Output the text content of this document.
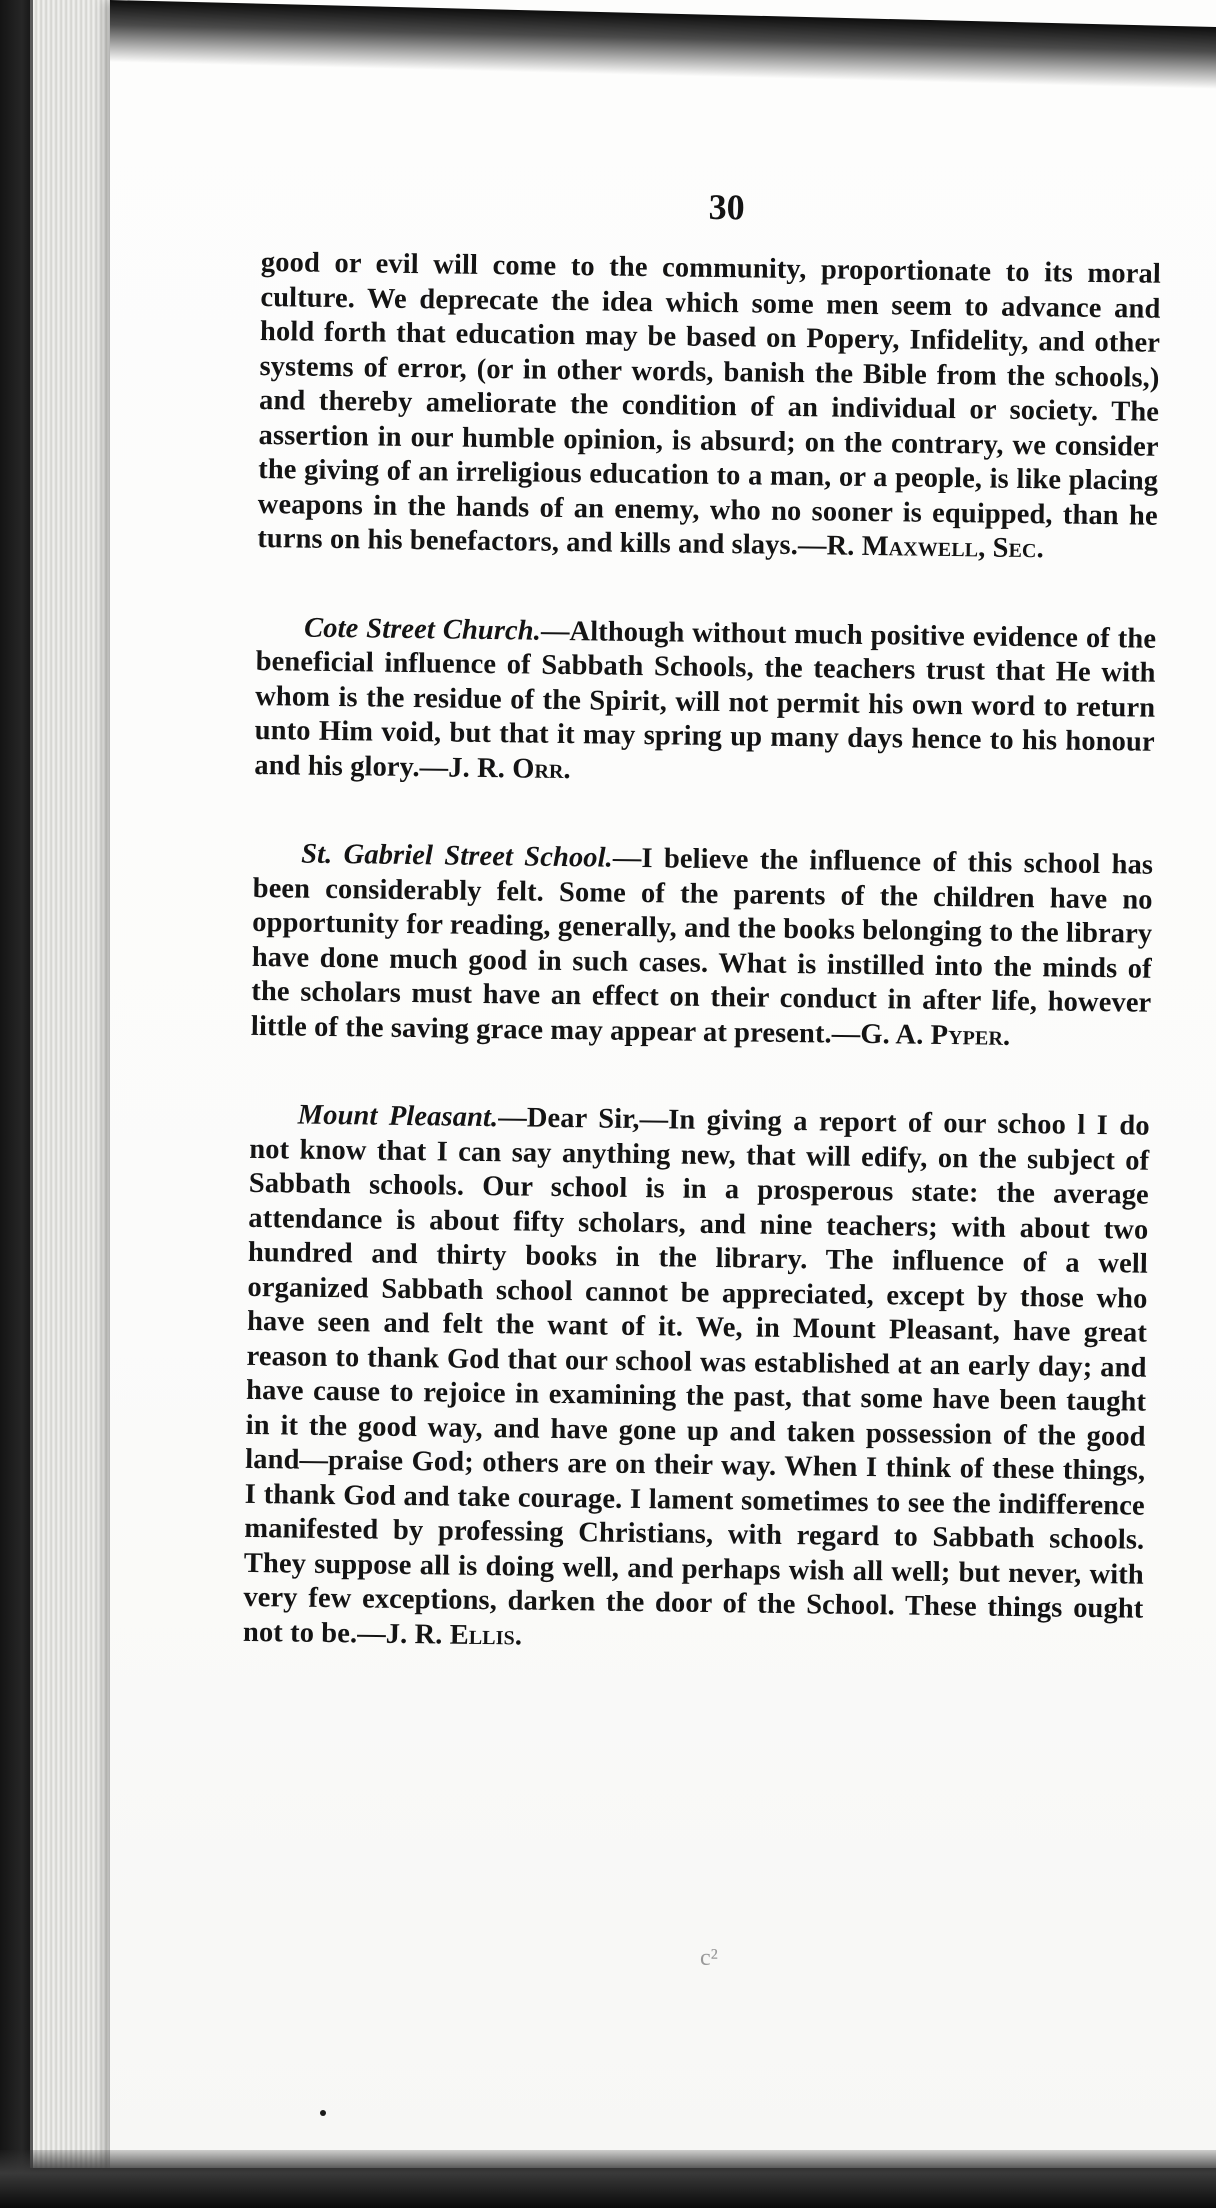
30

good or evil will come to the community, proportionate to its moral culture. We deprecate the idea which some men seem to advance and hold forth that education may be based on Popery, Infidelity, and other systems of error, (or in other words, banish the Bible from the schools,) and thereby ameliorate the condition of an individual or society. The assertion in our humble opinion, is absurd; on the contrary, we consider the giving of an irreligious education to a man, or a people, is like placing weapons in the hands of an enemy, who no sooner is equipped, than he turns on his benefactors, and kills and slays.—R. Maxwell, Sec.

Cote Street Church.—Although without much positive evidence of the beneficial influence of Sabbath Schools, the teachers trust that He with whom is the residue of the Spirit, will not permit his own word to return unto Him void, but that it may spring up many days hence to his honour and his glory.—J. R. Orr.

St. Gabriel Street School.—I believe the influence of this school has been considerably felt. Some of the parents of the children have no opportunity for reading, generally, and the books belonging to the library have done much good in such cases. What is instilled into the minds of the scholars must have an effect on their conduct in after life, however little of the saving grace may appear at present.—G. A. Pyper.

Mount Pleasant.—Dear Sir,—In giving a report of our schoo l I do not know that I can say anything new, that will edify, on the subject of Sabbath schools. Our school is in a prosperous state: the average attendance is about fifty scholars, and nine teachers; with about two hundred and thirty books in the library. The influence of a well organized Sabbath school cannot be appreciated, except by those who have seen and felt the want of it. We, in Mount Pleasant, have great reason to thank God that our school was established at an early day; and have cause to rejoice in examining the past, that some have been taught in it the good way, and have gone up and taken possession of the good land—praise God; others are on their way. When I think of these things, I thank God and take courage. I lament sometimes to see the indifference manifested by professing Christians, with regard to Sabbath schools. They suppose all is doing well, and perhaps wish all well; but never, with very few exceptions, darken the door of the School. These things ought not to be.—J. R. Ellis.

c²
